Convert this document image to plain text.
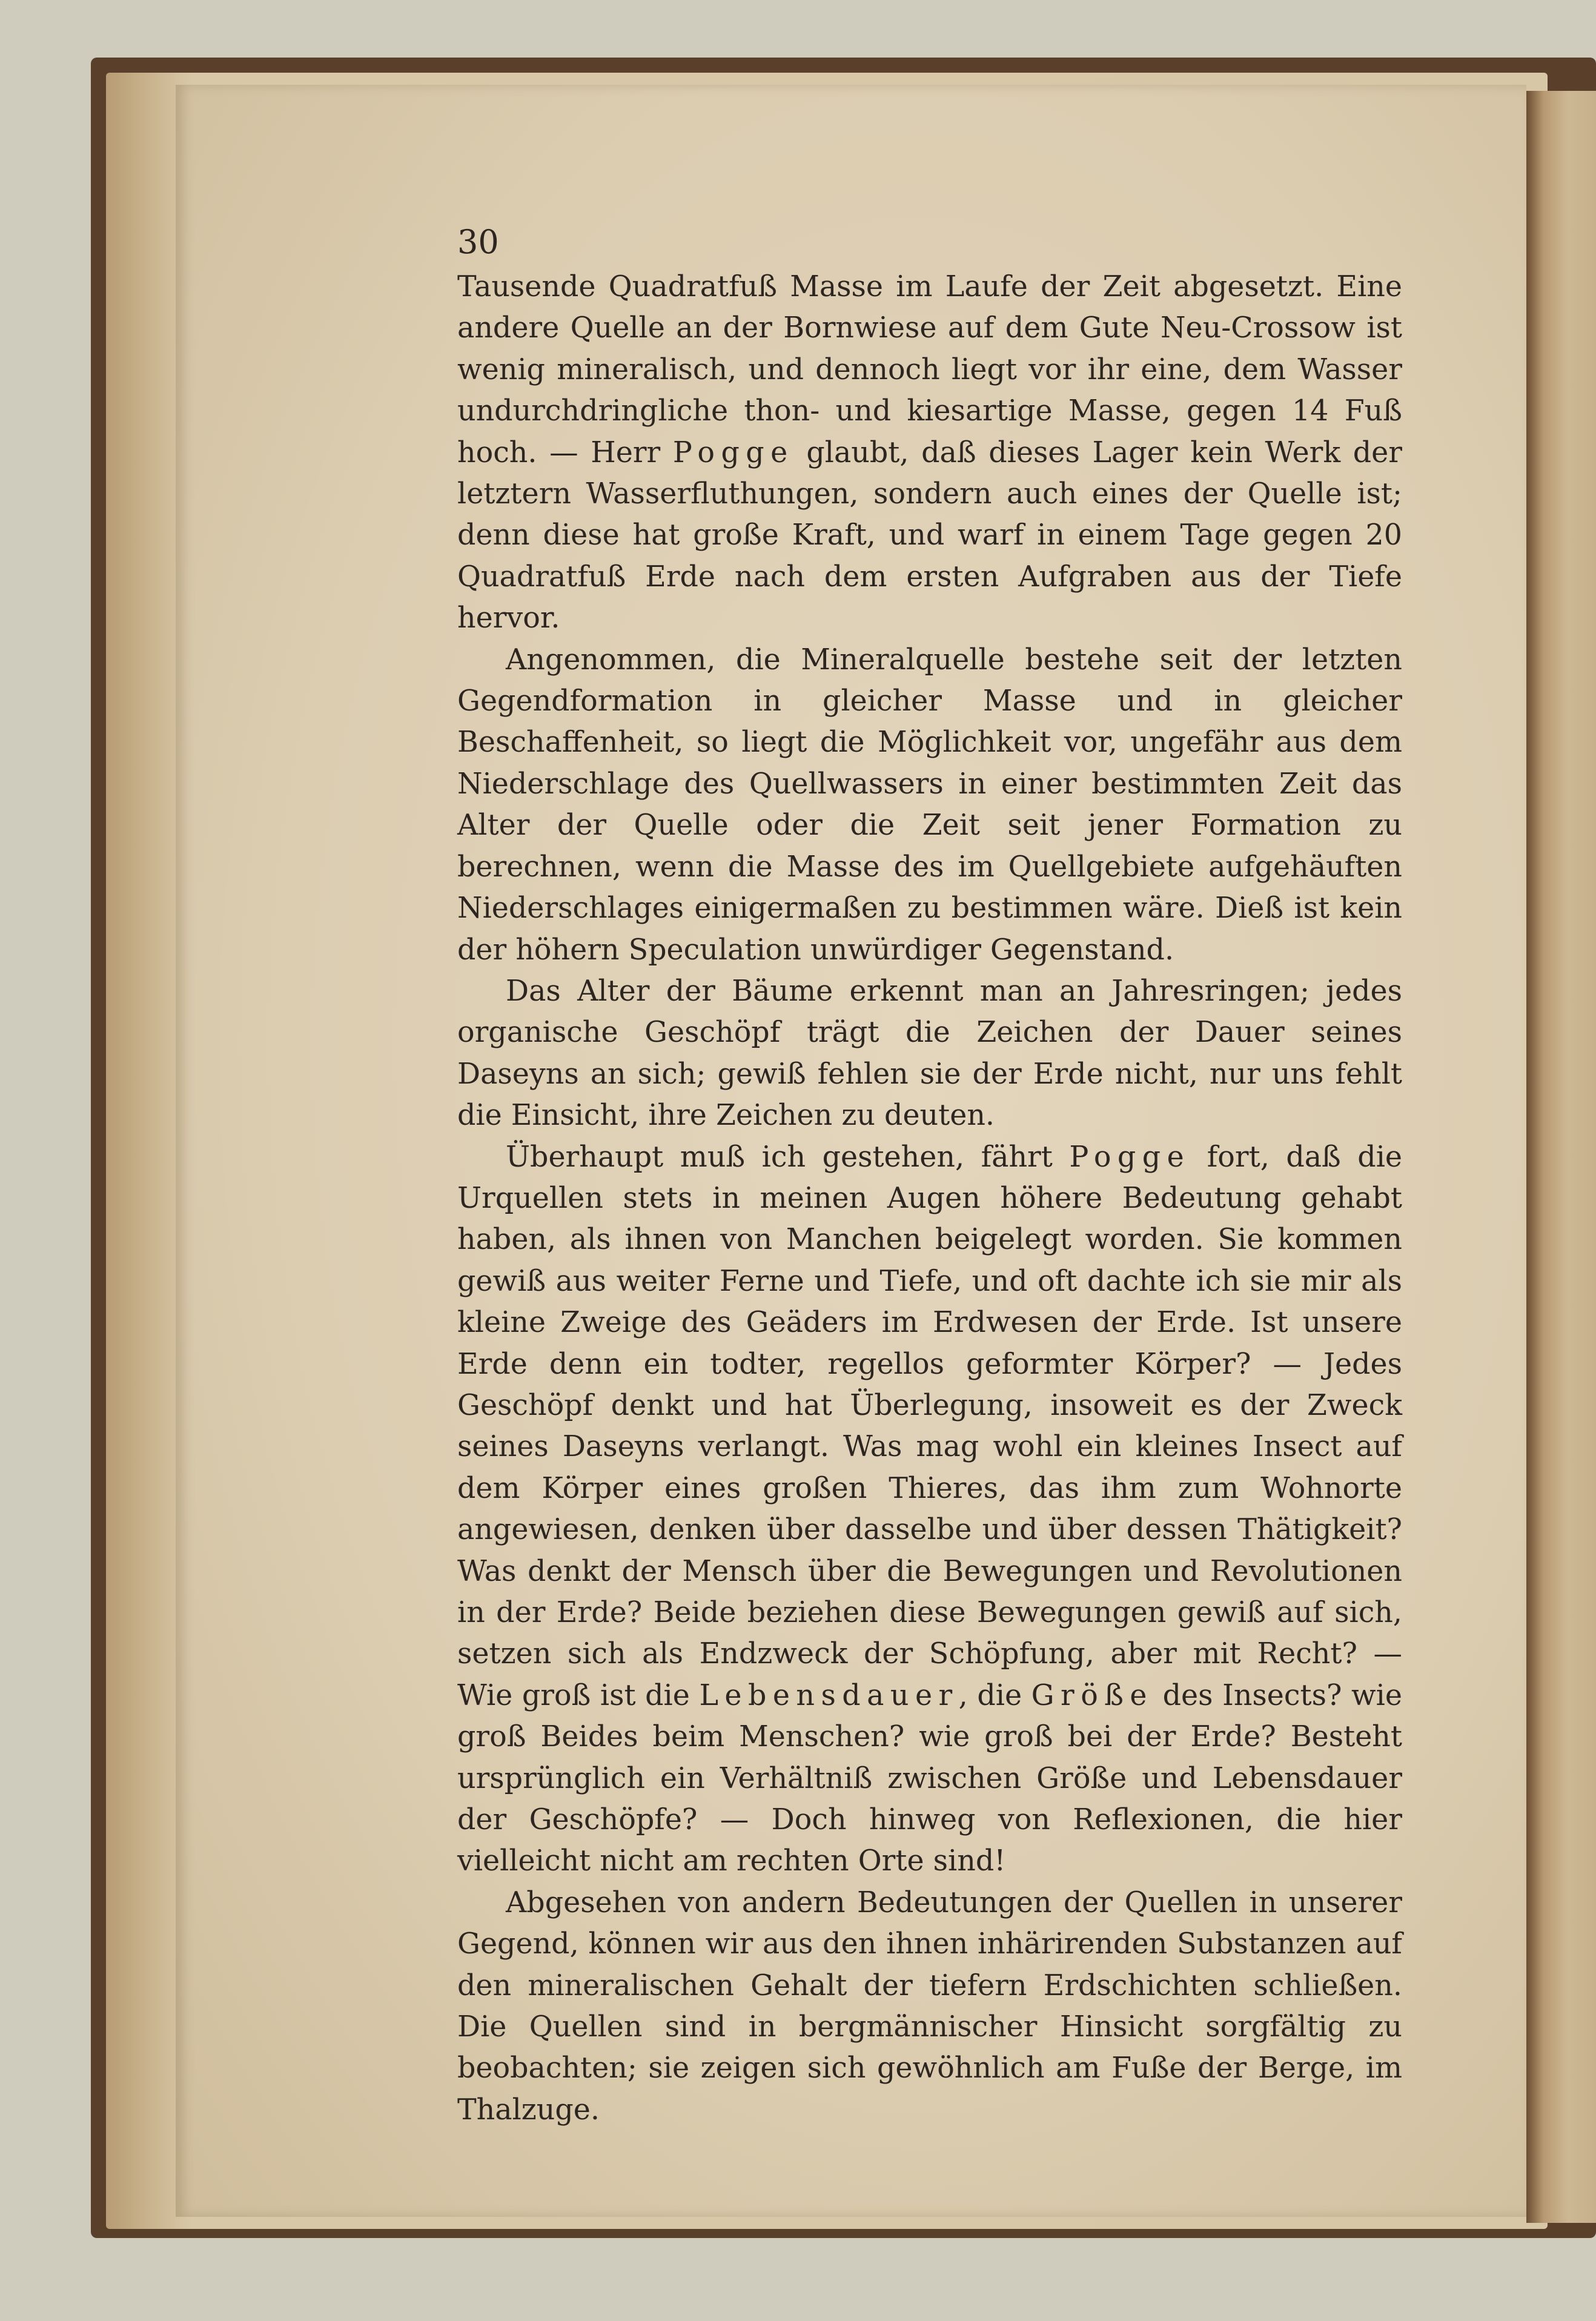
30

Tausende Quadratfuß Masse im Laufe der Zeit abgesetzt. Eine andere Quelle an der Bornwiese auf dem Gute Neu-Crossow ist wenig mineralisch, und dennoch liegt vor ihr eine, dem Wasser undurchdringliche thon- und kiesartige Masse, gegen 14 Fuß hoch. — Herr Pogge glaubt, daß dieses Lager kein Werk der letztern Wasserfluthungen, sondern auch eines der Quelle ist; denn diese hat große Kraft, und warf in einem Tage gegen 20 Quadratfuß Erde nach dem ersten Aufgraben aus der Tiefe hervor.

Angenommen, die Mineralquelle bestehe seit der letzten Gegendformation in gleicher Masse und in gleicher Beschaffenheit, so liegt die Möglichkeit vor, ungefähr aus dem Niederschlage des Quellwassers in einer bestimmten Zeit das Alter der Quelle oder die Zeit seit jener Formation zu berechnen, wenn die Masse des im Quellgebiete aufgehäuften Niederschlages einigermaßen zu bestimmen wäre. Dieß ist kein der höhern Speculation unwürdiger Gegenstand.

Das Alter der Bäume erkennt man an Jahresringen; jedes organische Geschöpf trägt die Zeichen der Dauer seines Daseyns an sich; gewiß fehlen sie der Erde nicht, nur uns fehlt die Einsicht, ihre Zeichen zu deuten.

Überhaupt muß ich gestehen, fährt Pogge fort, daß die Urquellen stets in meinen Augen höhere Bedeutung gehabt haben, als ihnen von Manchen beigelegt worden. Sie kommen gewiß aus weiter Ferne und Tiefe, und oft dachte ich sie mir als kleine Zweige des Geäders im Erdwesen der Erde. Ist unsere Erde denn ein todter, regellos geformter Körper? — Jedes Geschöpf denkt und hat Überlegung, insoweit es der Zweck seines Daseyns verlangt. Was mag wohl ein kleines Insect auf dem Körper eines großen Thieres, das ihm zum Wohnorte angewiesen, denken über dasselbe und über dessen Thätigkeit? Was denkt der Mensch über die Bewegungen und Revolutionen in der Erde? Beide beziehen diese Bewegungen gewiß auf sich, setzen sich als Endzweck der Schöpfung, aber mit Recht? — Wie groß ist die Lebensdauer, die Größe des Insects? wie groß Beides beim Menschen? wie groß bei der Erde? Besteht ursprünglich ein Verhältniß zwischen Größe und Lebensdauer der Geschöpfe? — Doch hinweg von Reflexionen, die hier vielleicht nicht am rechten Orte sind!

Abgesehen von andern Bedeutungen der Quellen in unserer Gegend, können wir aus den ihnen inhärirenden Substanzen auf den mineralischen Gehalt der tiefern Erdschichten schließen. Die Quellen sind in bergmännischer Hinsicht sorgfältig zu beobachten; sie zeigen sich gewöhnlich am Fuße der Berge, im Thalzuge.
